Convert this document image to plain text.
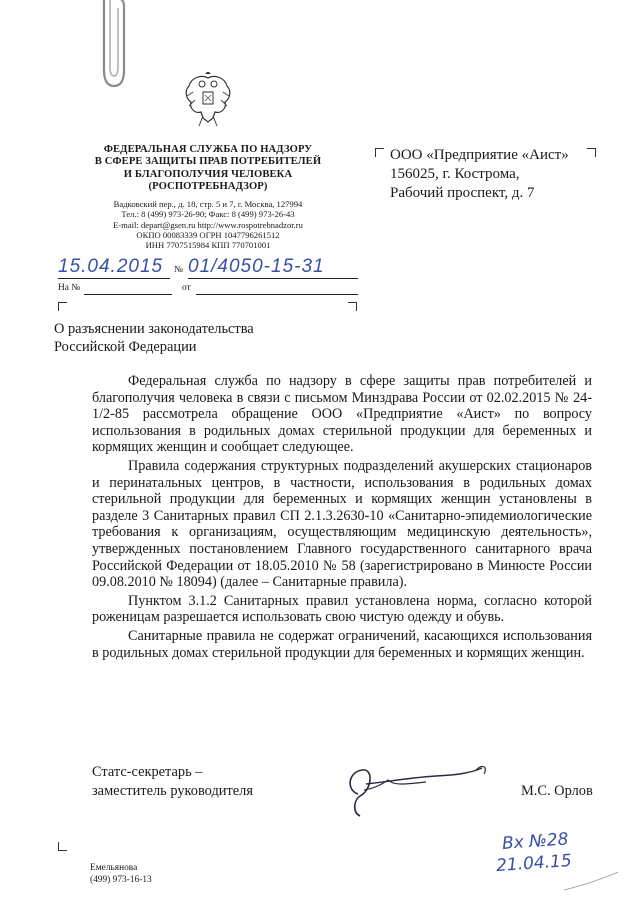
ФЕДЕРАЛЬНАЯ СЛУЖБА ПО НАДЗОРУ
В СФЕРЕ ЗАЩИТЫ ПРАВ ПОТРЕБИТЕЛЕЙ
И БЛАГОПОЛУЧИЯ ЧЕЛОВЕКА
(РОСПОТРЕБНАДЗОР)
Вадковский пер., д. 18, стр. 5 и 7, г. Москва, 127994
Тел.: 8 (499) 973-26-90; Факс: 8 (499) 973-26-43
E-mail: depart@gsen.ru http://www.rospotrebnadzor.ru
ОКПО 00083339 ОГРН 1047796261512
ИНН 7707515984 КПП 770701001
15.04.2015	№ 01/4050-15-31
На №	от
ООО «Предприятие «Аист»
156025, г. Кострома,
Рабочий проспект, д. 7
О разъяснении законодательства
Российской Федерации

Федеральная служба по надзору в сфере защиты прав потребителей и благополучия человека в связи с письмом Минздрава России от 02.02.2015 № 24-1/2-85 рассмотрела обращение ООО «Предприятие «Аист» по вопросу использования в родильных домах стерильной продукции для беременных и кормящих женщин и сообщает следующее.

Правила содержания структурных подразделений акушерских стационаров и перинатальных центров, в частности, использования в родильных домах стерильной продукции для беременных и кормящих женщин установлены в разделе 3 Санитарных правил СП 2.1.3.2630-10 «Санитарно-эпидемиологические требования к организациям, осуществляющим медицинскую деятельность», утвержденных постановлением Главного государственного санитарного врача Российской Федерации от 18.05.2010 № 58 (зарегистрировано в Минюсте России 09.08.2010 № 18094) (далее – Санитарные правила).

Пунктом 3.1.2 Санитарных правил установлена норма, согласно которой роженицам разрешается использовать свою чистую одежду и обувь.

Санитарные правила не содержат ограничений, касающихся использования в родильных домах стерильной продукции для беременных и кормящих женщин.

Статс-секретарь –
заместитель руководителя	М.С. Орлов
Вх №28
21.04.15
Емельянова
(499) 973-16-13
